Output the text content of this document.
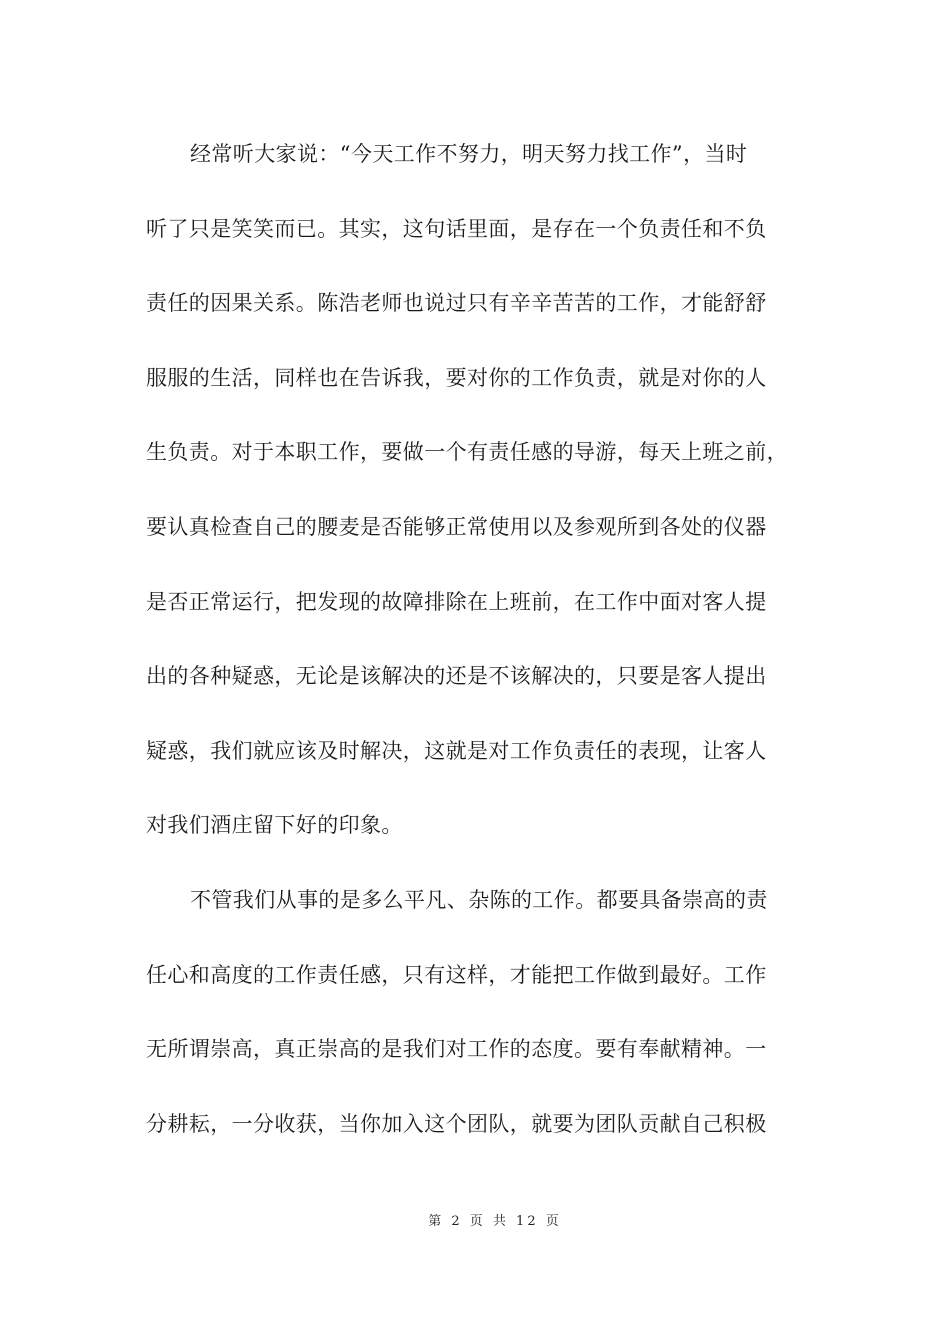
经常听大家说：“今天工作不努力，明天努力找工作”，当时
听了只是笑笑而已。其实，这句话里面，是存在一个负责任和不负
责任的因果关系。陈浩老师也说过只有辛辛苦苦的工作，才能舒舒
服服的生活，同样也在告诉我，要对你的工作负责，就是对你的人
生负责。对于本职工作，要做一个有责任感的导游，每天上班之前，
要认真检查自己的腰麦是否能够正常使用以及参观所到各处的仪器
是否正常运行，把发现的故障排除在上班前，在工作中面对客人提
出的各种疑惑，无论是该解决的还是不该解决的，只要是客人提出
疑惑，我们就应该及时解决，这就是对工作负责任的表现，让客人
对我们酒庄留下好的印象。
不管我们从事的是多么平凡、杂陈的工作。都要具备崇高的责
任心和高度的工作责任感，只有这样，才能把工作做到最好。工作
无所谓崇高，真正崇高的是我们对工作的态度。要有奉献精神。一
分耕耘，一分收获，当你加入这个团队，就要为团队贡献自己积极
第 2 页 共 12 页
